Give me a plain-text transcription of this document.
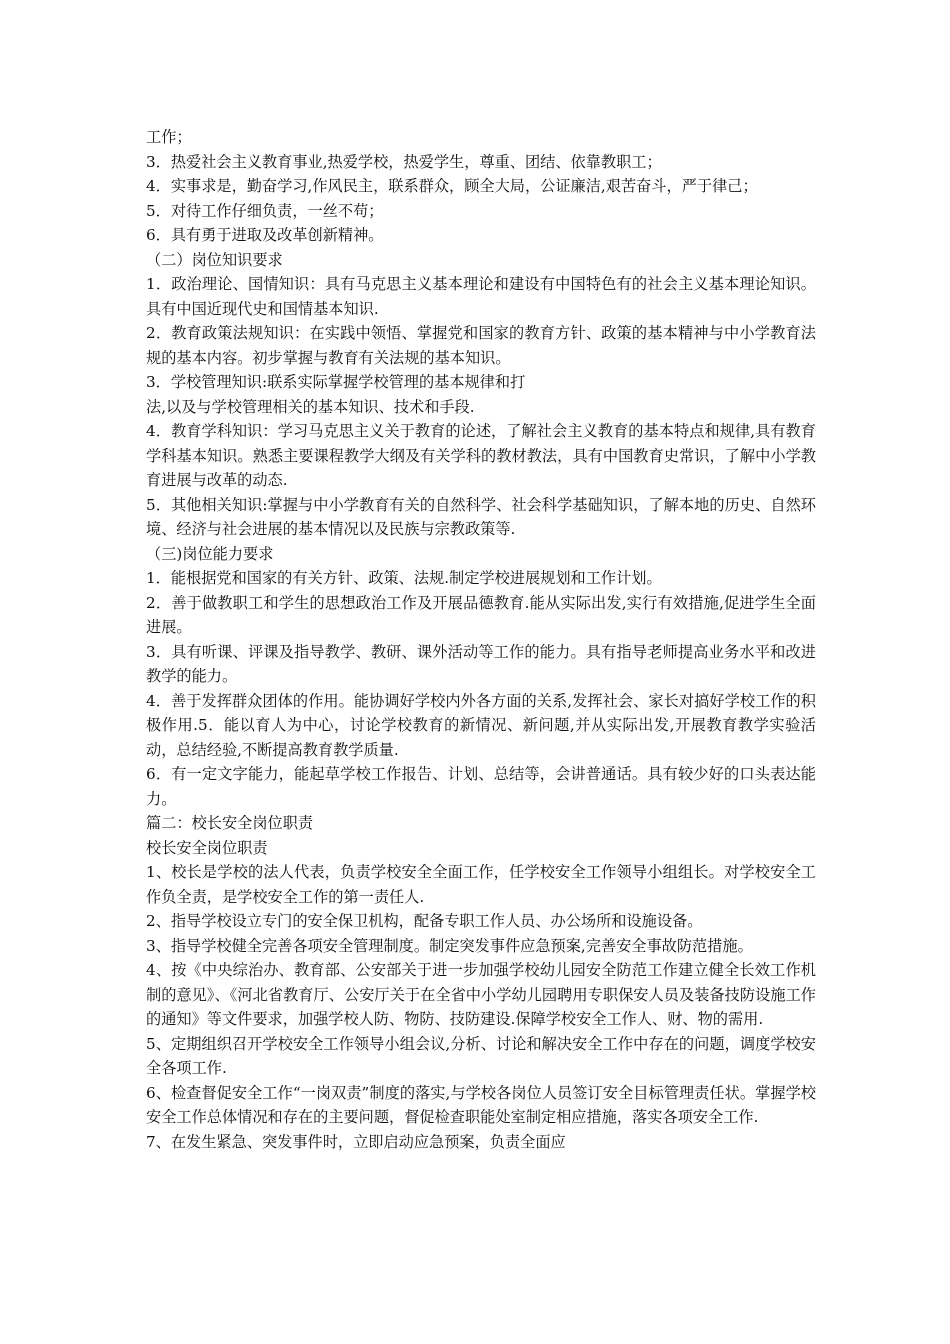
工作；

3．热爱社会主义教育事业,热爱学校，热爱学生，尊重、团结、依靠教职工；

4．实事求是，勤奋学习,作风民主，联系群众，顾全大局，公证廉洁,艰苦奋斗，严于律己；

5．对待工作仔细负责，一丝不苟；

6．具有勇于进取及改革创新精神。

（二）岗位知识要求

1．政治理论、国情知识：具有马克思主义基本理论和建设有中国特色有的社会主义基本理论知识。具有中国近现代史和国情基本知识.

2．教育政策法规知识：在实践中领悟、掌握党和国家的教育方针、政策的基本精神与中小学教育法规的基本内容。初步掌握与教育有关法规的基本知识。

3．学校管理知识:联系实际掌握学校管理的基本规律和打

法,以及与学校管理相关的基本知识、技术和手段.

4．教育学科知识：学习马克思主义关于教育的论述，了解社会主义教育的基本特点和规律,具有教育学科基本知识。熟悉主要课程教学大纲及有关学科的教材教法，具有中国教育史常识，了解中小学教育进展与改革的动态.

5．其他相关知识:掌握与中小学教育有关的自然科学、社会科学基础知识，了解本地的历史、自然环境、经济与社会进展的基本情况以及民族与宗教政策等.

（三)岗位能力要求

1．能根据党和国家的有关方针、政策、法规.制定学校进展规划和工作计划。

2．善于做教职工和学生的思想政治工作及开展品德教育.能从实际出发,实行有效措施,促进学生全面进展。

3．具有听课、评课及指导教学、教研、课外活动等工作的能力。具有指导老师提高业务水平和改进教学的能力。

4．善于发挥群众团体的作用。能协调好学校内外各方面的关系,发挥社会、家长对搞好学校工作的积极作用.5．能以育人为中心，讨论学校教育的新情况、新问题,并从实际出发,开展教育教学实验活动，总结经验,不断提高教育教学质量.

6．有一定文字能力，能起草学校工作报告、计划、总结等，会讲普通话。具有较少好的口头表达能力。

篇二：校长安全岗位职责

校长安全岗位职责

1、校长是学校的法人代表，负责学校安全全面工作，任学校安全工作领导小组组长。对学校安全工作负全责，是学校安全工作的第一责任人.

2、指导学校设立专门的安全保卫机构，配备专职工作人员、办公场所和设施设备。

3、指导学校健全完善各项安全管理制度。制定突发事件应急预案,完善安全事故防范措施。

4、按《中央综治办、教育部、公安部关于进一步加强学校幼儿园安全防范工作建立健全长效工作机制的意见》、《河北省教育厅、公安厅关于在全省中小学幼儿园聘用专职保安人员及装备技防设施工作的通知》等文件要求，加强学校人防、物防、技防建设.保障学校安全工作人、财、物的需用.

5、定期组织召开学校安全工作领导小组会议,分析、讨论和解决安全工作中存在的问题，调度学校安全各项工作.

6、检查督促安全工作“一岗双责”制度的落实,与学校各岗位人员签订安全目标管理责任状。掌握学校安全工作总体情况和存在的主要问题，督促检查职能处室制定相应措施，落实各项安全工作.

7、在发生紧急、突发事件时，立即启动应急预案，负责全面应
